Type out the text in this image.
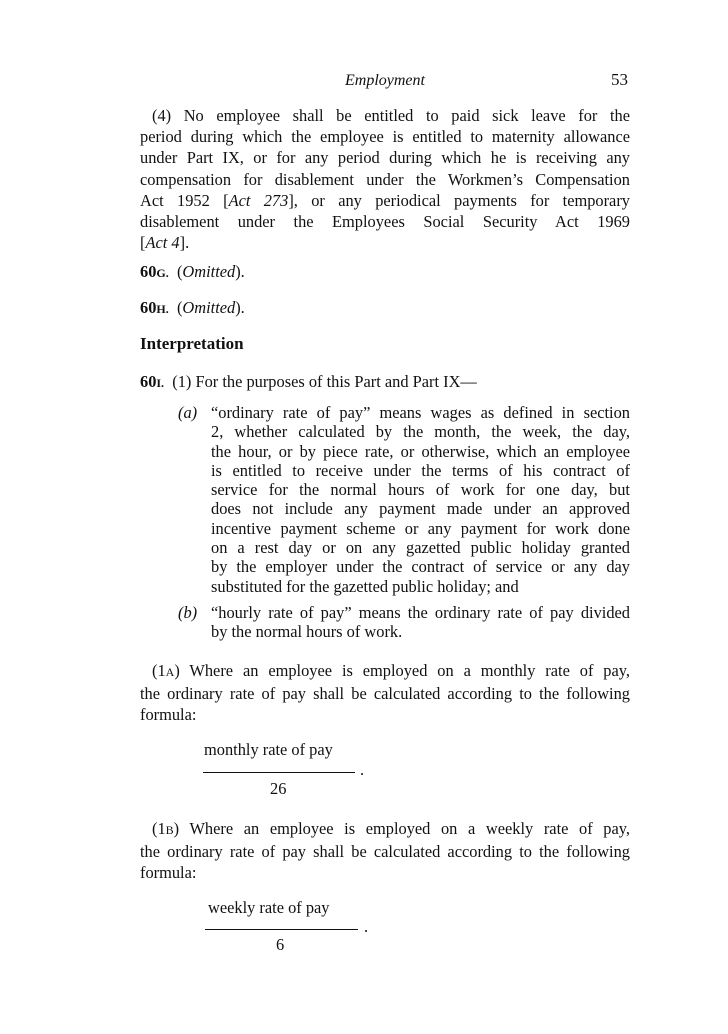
Employment	53
(4) No employee shall be entitled to paid sick leave for the
period during which the employee is entitled to maternity allowance
under Part IX, or for any period during which he is receiving any
compensation for disablement under the Workmen’s Compensation
Act 1952 [Act 273], or any periodical payments for temporary
disablement under the Employees Social Security Act 1969
[Act 4].
60G. (Omitted).
60H. (Omitted).
Interpretation
60I. (1) For the purposes of this Part and Part IX—
(a) “ordinary rate of pay” means wages as defined in section
2, whether calculated by the month, the week, the day,
the hour, or by piece rate, or otherwise, which an employee
is entitled to receive under the terms of his contract of
service for the normal hours of work for one day, but
does not include any payment made under an approved
incentive payment scheme or any payment for work done
on a rest day or on any gazetted public holiday granted
by the employer under the contract of service or any day
substituted for the gazetted public holiday; and
(b) “hourly rate of pay” means the ordinary rate of pay divided
by the normal hours of work.
(1A) Where an employee is employed on a monthly rate of pay,
the ordinary rate of pay shall be calculated according to the following
formula:
monthly rate of pay
.
26
(1B) Where an employee is employed on a weekly rate of pay,
the ordinary rate of pay shall be calculated according to the following
formula:
weekly rate of pay
.
6
